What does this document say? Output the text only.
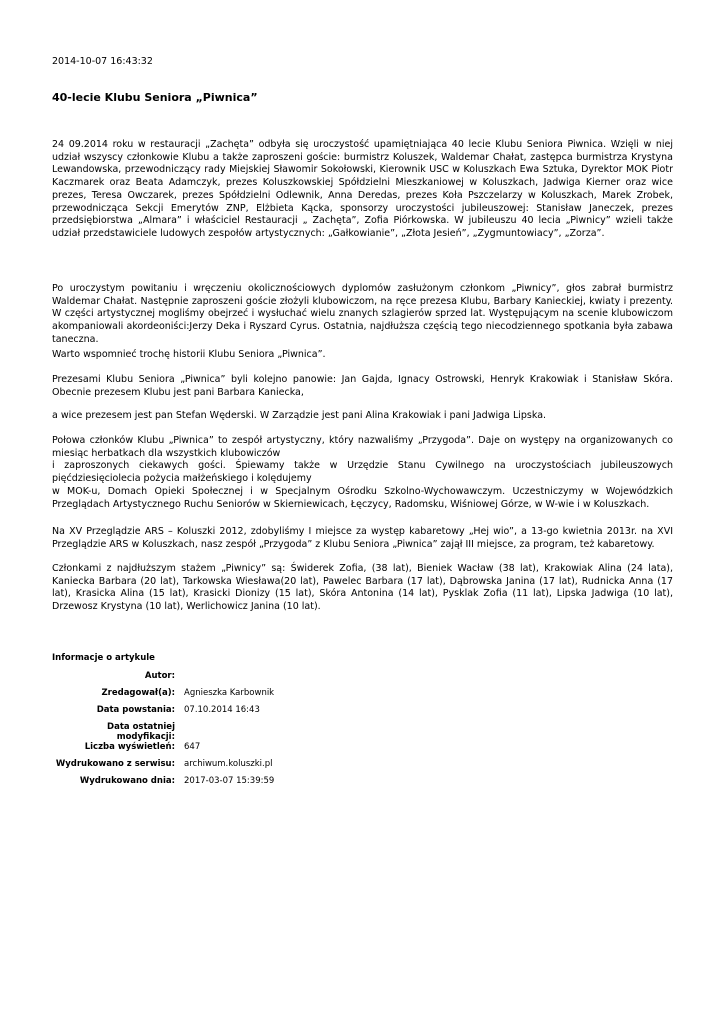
2014-10-07 16:43:32
40-lecie Klubu Seniora „Piwnica”

24 09.2014 roku w restauracji „Zachęta” odbyła się uroczystość upamiętniająca 40 lecie Klubu Seniora Piwnica. Wzięli w niej udział wszyscy członkowie Klubu a także zaproszeni goście: burmistrz Koluszek, Waldemar Chałat, zastępca burmistrza Krystyna Lewandowska, przewodniczący rady Miejskiej Sławomir Sokołowski, Kierownik USC w Koluszkach Ewa Sztuka, Dyrektor MOK Piotr Kaczmarek oraz Beata Adamczyk, prezes Koluszkowskiej Spółdzielni Mieszkaniowej w Koluszkach, Jadwiga Kierner oraz wice prezes, Teresa Owczarek, prezes Spółdzielni Odlewnik, Anna Deredas, prezes Koła Pszczelarzy w Koluszkach, Marek Zrobek, przewodnicząca Sekcji Emerytów ZNP, Elżbieta Kącka, sponsorzy uroczystości jubileuszowej: Stanisław Janeczek, prezes przedsiębiorstwa „Almara” i właściciel Restauracji „ Zachęta”, Zofia Piórkowska. W jubileuszu 40 lecia „Piwnicy” wzieli także udział przedstawiciele ludowych zespołów artystycznych: „Gałkowianie”, „Złota Jesień”, „Zygmuntowiacy”, „Zorza”.

Po uroczystym powitaniu i wręczeniu okolicznościowych dyplomów zasłużonym członkom „Piwnicy”, głos zabrał burmistrz Waldemar Chałat. Następnie zaproszeni goście złożyli klubowiczom, na ręce prezesa Klubu, Barbary Kanieckiej, kwiaty i prezenty. W części artystycznej mogliśmy obejrzeć i wysłuchać wielu znanych szlagierów sprzed lat. Występującym na scenie klubowiczom akompaniowali akordeoniści:Jerzy Deka i Ryszard Cyrus. Ostatnia, najdłuższa częścią tego niecodziennego spotkania była zabawa taneczna.

Warto wspomnieć trochę historii Klubu Seniora „Piwnica”.

Prezesami Klubu Seniora „Piwnica” byli kolejno panowie: Jan Gajda, Ignacy Ostrowski, Henryk Krakowiak i Stanisław Skóra. Obecnie prezesem Klubu jest pani Barbara Kaniecka,

a wice prezesem jest pan Stefan Węderski. W Zarządzie jest pani Alina Krakowiak i pani Jadwiga Lipska.

Połowa członków Klubu „Piwnica” to zespół artystyczny, który nazwaliśmy „Przygoda”. Daje on występy na organizowanych co miesiąc herbatkach dla wszystkich klubowiczów
i zaproszonych ciekawych gości. Śpiewamy także w Urzędzie Stanu Cywilnego na uroczystościach jubileuszowych pięćdziesięciolecia pożycia małżeńskiego i kolędujemy
w MOK-u, Domach Opieki Społecznej i w Specjalnym Ośrodku Szkolno-Wychowawczym. Uczestniczymy w Wojewódzkich Przeglądach Artystycznego Ruchu Seniorów w Skierniewicach, Łęczycy, Radomsku, Wiśniowej Górze, w W-wie i w Koluszkach.

Na XV Przeglądzie ARS – Koluszki 2012, zdobyliśmy I miejsce za występ kabaretowy „Hej wio”, a 13-go kwietnia 2013r. na XVI Przeglądzie ARS w Koluszkach, nasz zespół „Przygoda” z Klubu Seniora „Piwnica” zajął III miejsce, za program, też kabaretowy.

Członkami z najdłuższym stażem „Piwnicy” są: Świderek Zofia, (38 lat), Bieniek Wacław (38 lat), Krakowiak Alina (24 lata), Kaniecka Barbara (20 lat), Tarkowska Wiesława(20 lat), Pawelec Barbara (17 lat), Dąbrowska Janina (17 lat), Rudnicka Anna (17 lat), Krasicka Alina (15 lat), Krasicki Dionizy (15 lat), Skóra Antonina (14 lat), Pysklak Zofia (11 lat), Lipska Jadwiga (10 lat), Drzewosz Krystyna (10 lat), Werlichowicz Janina (10 lat).

Informacje o artykule
Autor:	
Zredagował(a):	Agnieszka Karbownik
Data powstania:	07.10.2014 16:43
Data ostatniej modyfikacji:	
Liczba wyświetleń:	647
Wydrukowano z serwisu:	archiwum.koluszki.pl
Wydrukowano dnia:	2017-03-07 15:39:59
